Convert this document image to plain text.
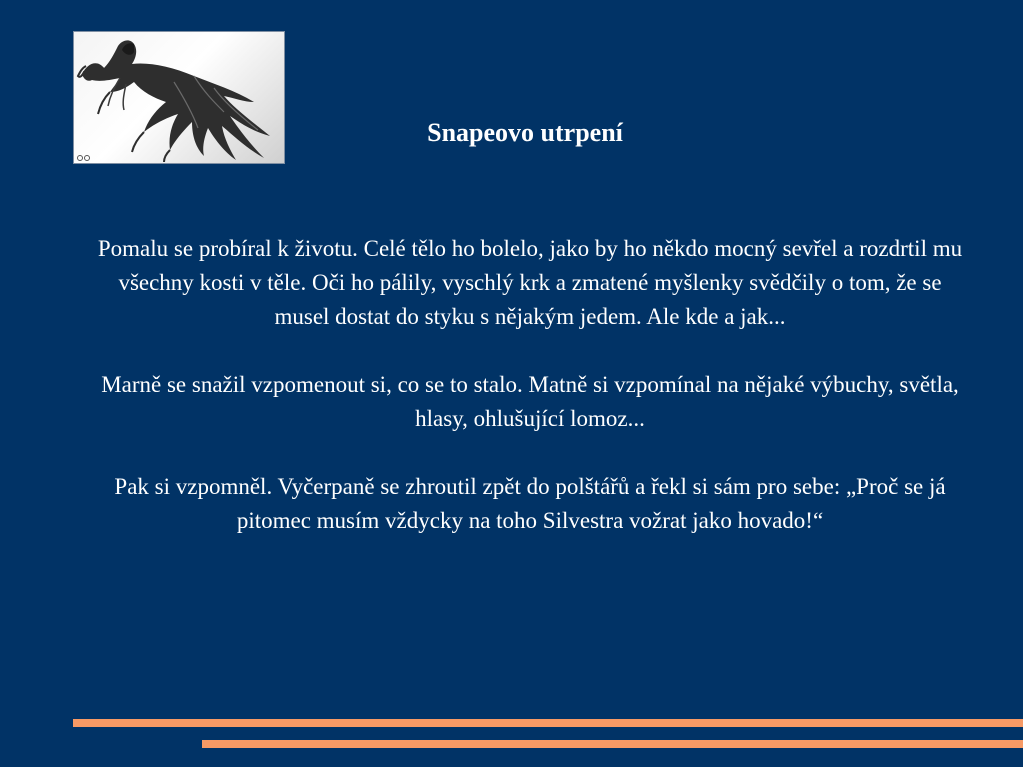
Snapeovo utrpení

Pomalu se probíral k životu. Celé tělo ho bolelo, jako by ho někdo mocný sevřel a rozdrtil mu všechny kosti v těle. Oči ho pálily, vyschlý krk a zmatené myšlenky svědčily o tom, že se musel dostat do styku s nějakým jedem. Ale kde a jak...

Marně se snažil vzpomenout si, co se to stalo. Matně si vzpomínal na nějaké výbuchy, světla, hlasy, ohlušující lomoz...

Pak si vzpomněl. Vyčerpaně se zhroutil zpět do polštářů a řekl si sám pro sebe: „Proč se já pitomec musím vždycky na toho Silvestra vožrat jako hovado!“
